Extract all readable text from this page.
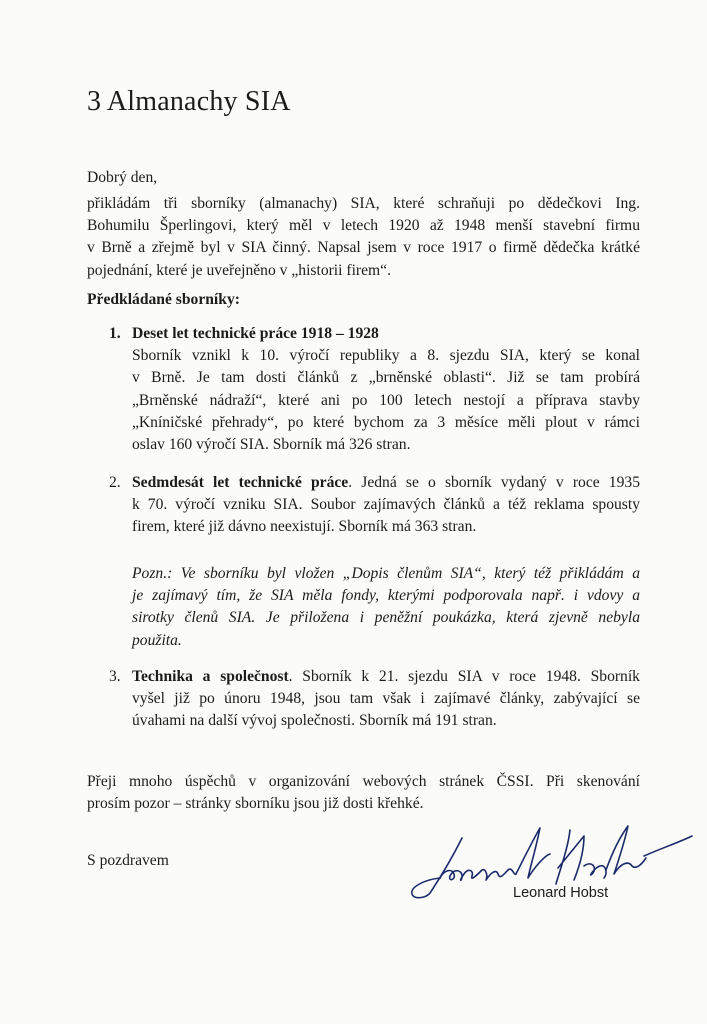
3 Almanachy SIA

Dobrý den,

přikládám tři sborníky (almanachy) SIA, které schraňuji po dědečkovi Ing.
Bohumilu Šperlingovi, který měl v letech 1920 až 1948 menší stavební firmu
v Brně a zřejmě byl v SIA činný. Napsal jsem v roce 1917 o firmě dědečka krátké
pojednání, které je uveřejněno v „historii firem“.

Předkládané sborníky:

1. Deset let technické práce 1918 – 1928
Sborník vznikl k 10. výročí republiky a 8. sjezdu SIA, který se konal
v Brně. Je tam dosti článků z „brněnské oblasti“. Již se tam probírá
„Brněnské nádraží“, které ani po 100 letech nestojí a příprava stavby
„Kníničské přehrady“, po které bychom za 3 měsíce měli plout v rámci
oslav 160 výročí SIA. Sborník má 326 stran.

2. Sedmdesát let technické práce. Jedná se o sborník vydaný v roce 1935
k 70. výročí vzniku SIA. Soubor zajímavých článků a též reklama spousty
firem, které již dávno neexistují. Sborník má 363 stran.

Pozn.: Ve sborníku byl vložen „Dopis členům SIA“, který též přikládám a
je zajímavý tím, že SIA měla fondy, kterými podporovala např. i vdovy a
sirotky členů SIA. Je přiložena i peněžní poukázka, která zjevně nebyla
použita.

3. Technika a společnost. Sborník k 21. sjezdu SIA v roce 1948. Sborník
vyšel již po únoru 1948, jsou tam však i zajímavé články, zabývající se
úvahami na další vývoj společnosti. Sborník má 191 stran.

Přeji mnoho úspěchů v organizování webových stránek ČSSI. Při skenování
prosím pozor – stránky sborníku jsou již dosti křehké.

S pozdravem

Leonard Hobst
